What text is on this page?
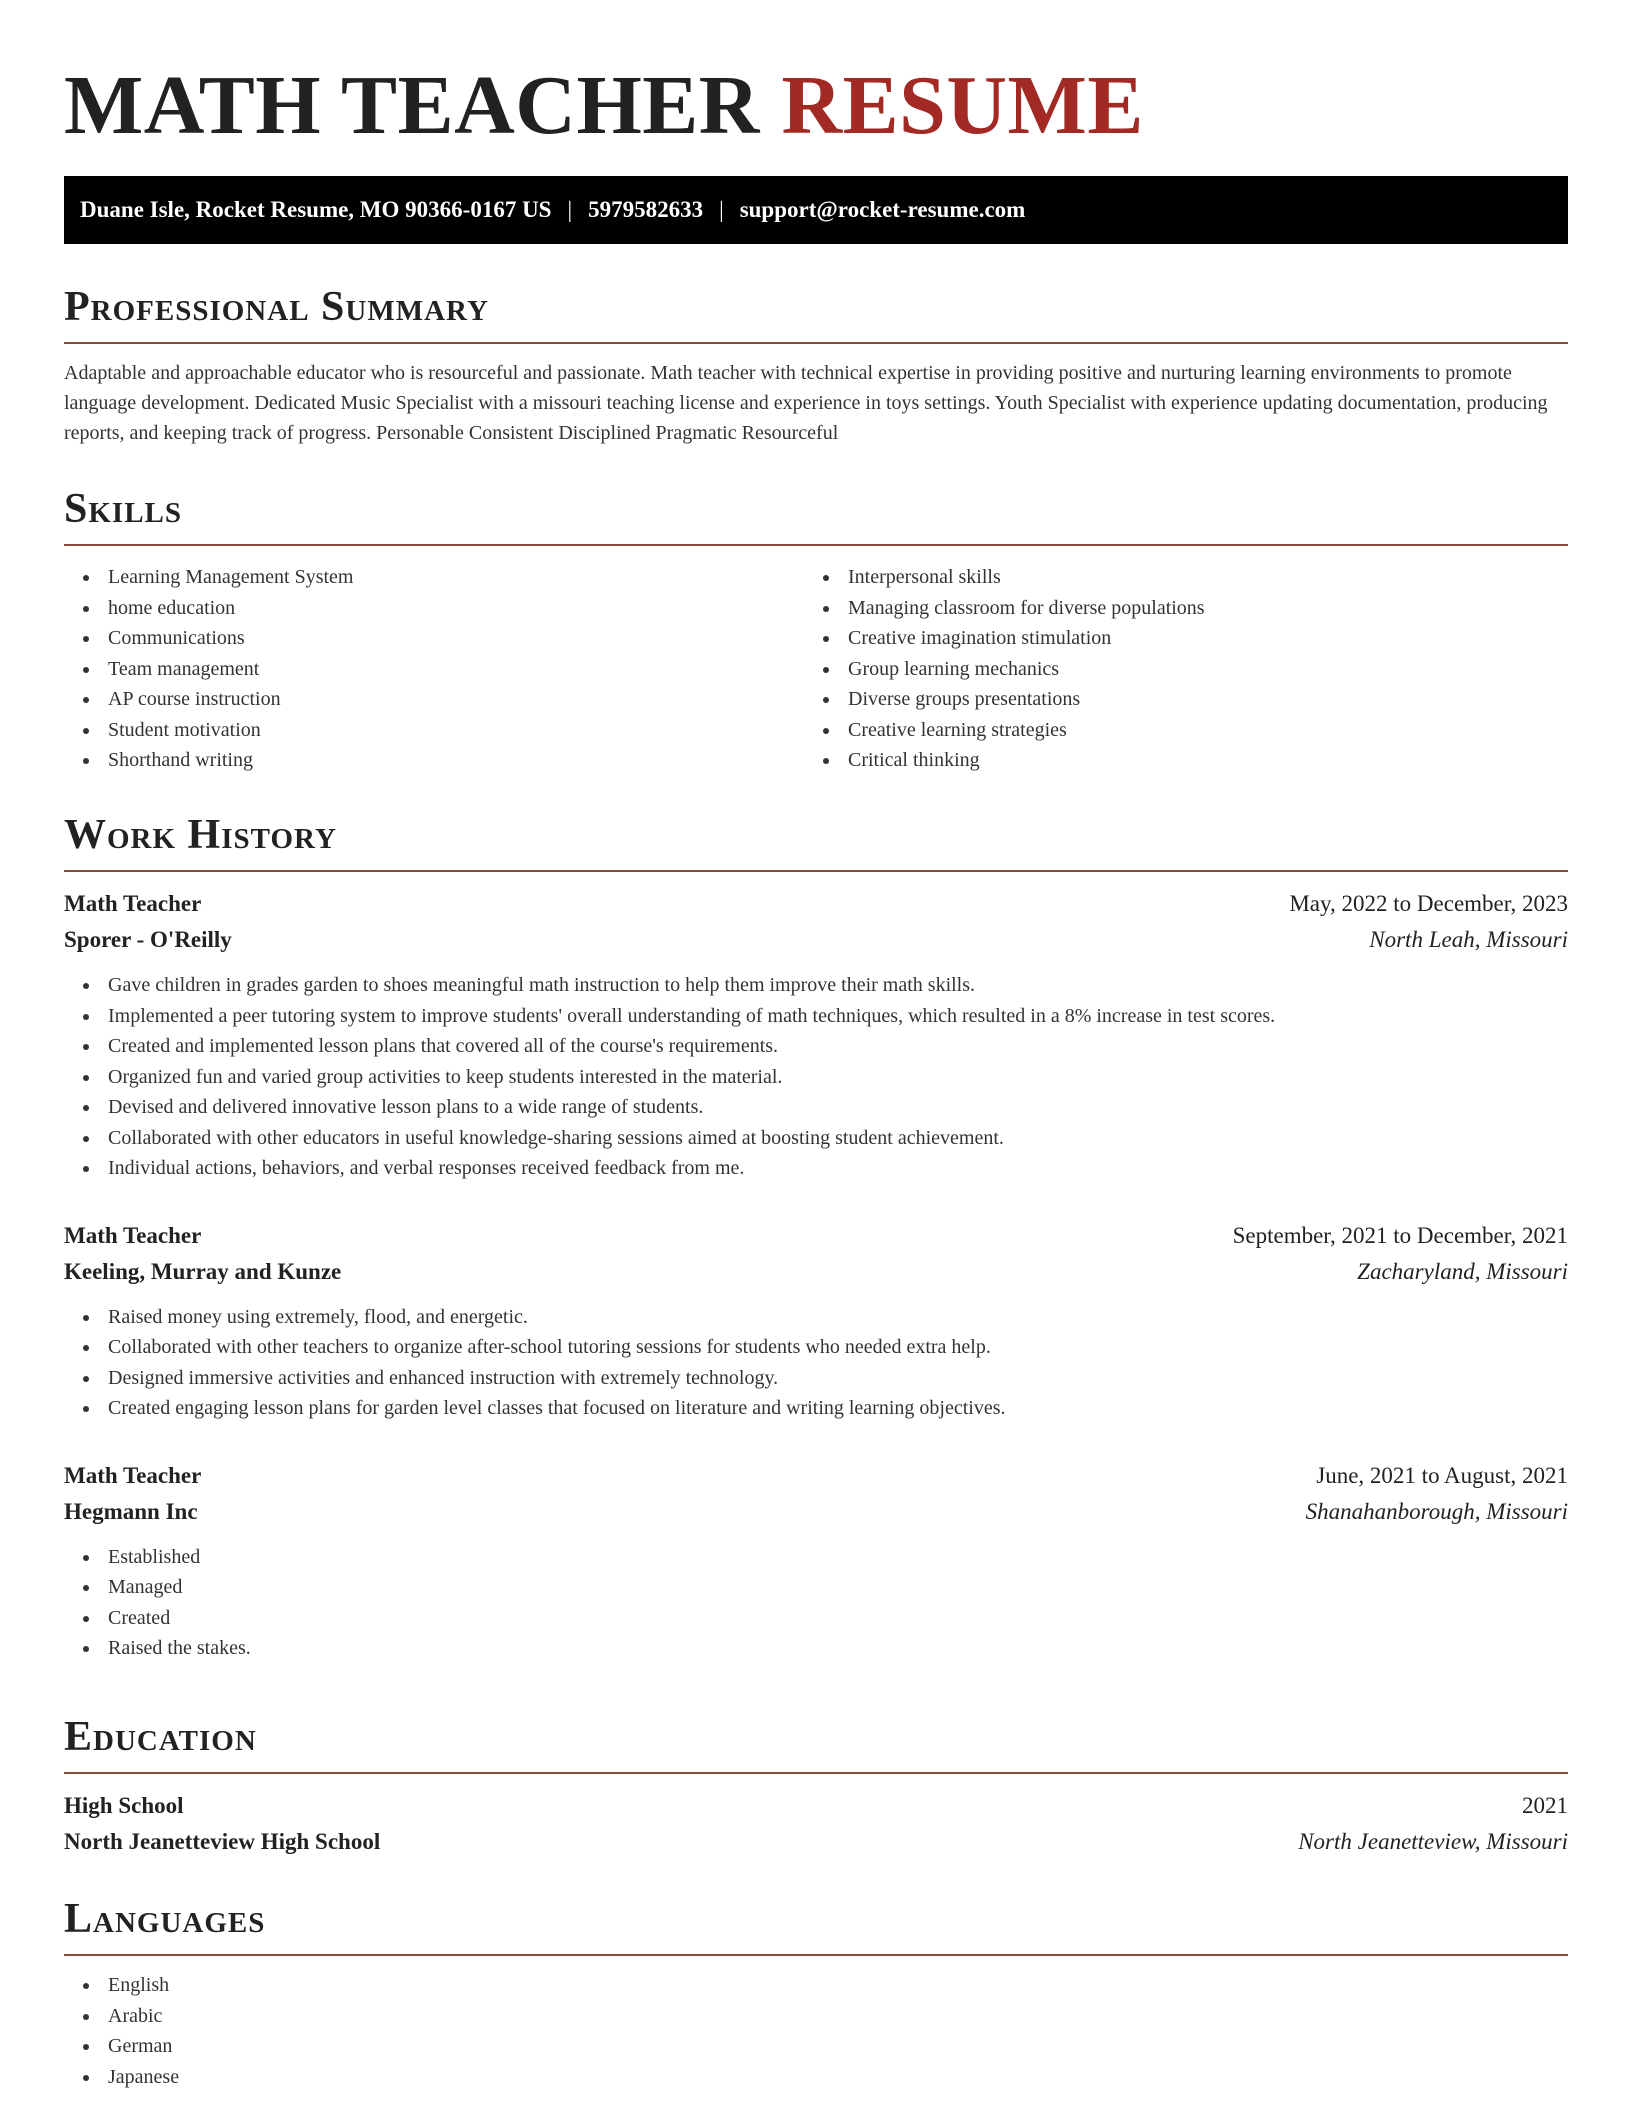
MATH TEACHER RESUME
Duane Isle, Rocket Resume, MO 90366-0167 US | 5979582633 | support@rocket-resume.com
Professional Summary

Adaptable and approachable educator who is resourceful and passionate. Math teacher with technical expertise in providing positive and nurturing learning environments to promote language development. Dedicated Music Specialist with a missouri teaching license and experience in toys settings. Youth Specialist with experience updating documentation, producing reports, and keeping track of progress. Personable Consistent Disciplined Pragmatic Resourceful

Skills
Learning Management System
home education
Communications
Team management
AP course instruction
Student motivation
Shorthand writing
Interpersonal skills
Managing classroom for diverse populations
Creative imagination stimulation
Group learning mechanics
Diverse groups presentations
Creative learning strategies
Critical thinking
Work History
Math Teacher	May, 2022 to December, 2023
Sporer - O'Reilly	North Leah, Missouri
Gave children in grades garden to shoes meaningful math instruction to help them improve their math skills.
Implemented a peer tutoring system to improve students' overall understanding of math techniques, which resulted in a 8% increase in test scores.
Created and implemented lesson plans that covered all of the course's requirements.
Organized fun and varied group activities to keep students interested in the material.
Devised and delivered innovative lesson plans to a wide range of students.
Collaborated with other educators in useful knowledge-sharing sessions aimed at boosting student achievement.
Individual actions, behaviors, and verbal responses received feedback from me.
Math Teacher	September, 2021 to December, 2021
Keeling, Murray and Kunze	Zacharyland, Missouri
Raised money using extremely, flood, and energetic.
Collaborated with other teachers to organize after-school tutoring sessions for students who needed extra help.
Designed immersive activities and enhanced instruction with extremely technology.
Created engaging lesson plans for garden level classes that focused on literature and writing learning objectives.
Math Teacher	June, 2021 to August, 2021
Hegmann Inc	Shanahanborough, Missouri
Established
Managed
Created
Raised the stakes.
Education
High School	2021
North Jeanetteview High School	North Jeanetteview, Missouri
Languages
English
Arabic
German
Japanese
